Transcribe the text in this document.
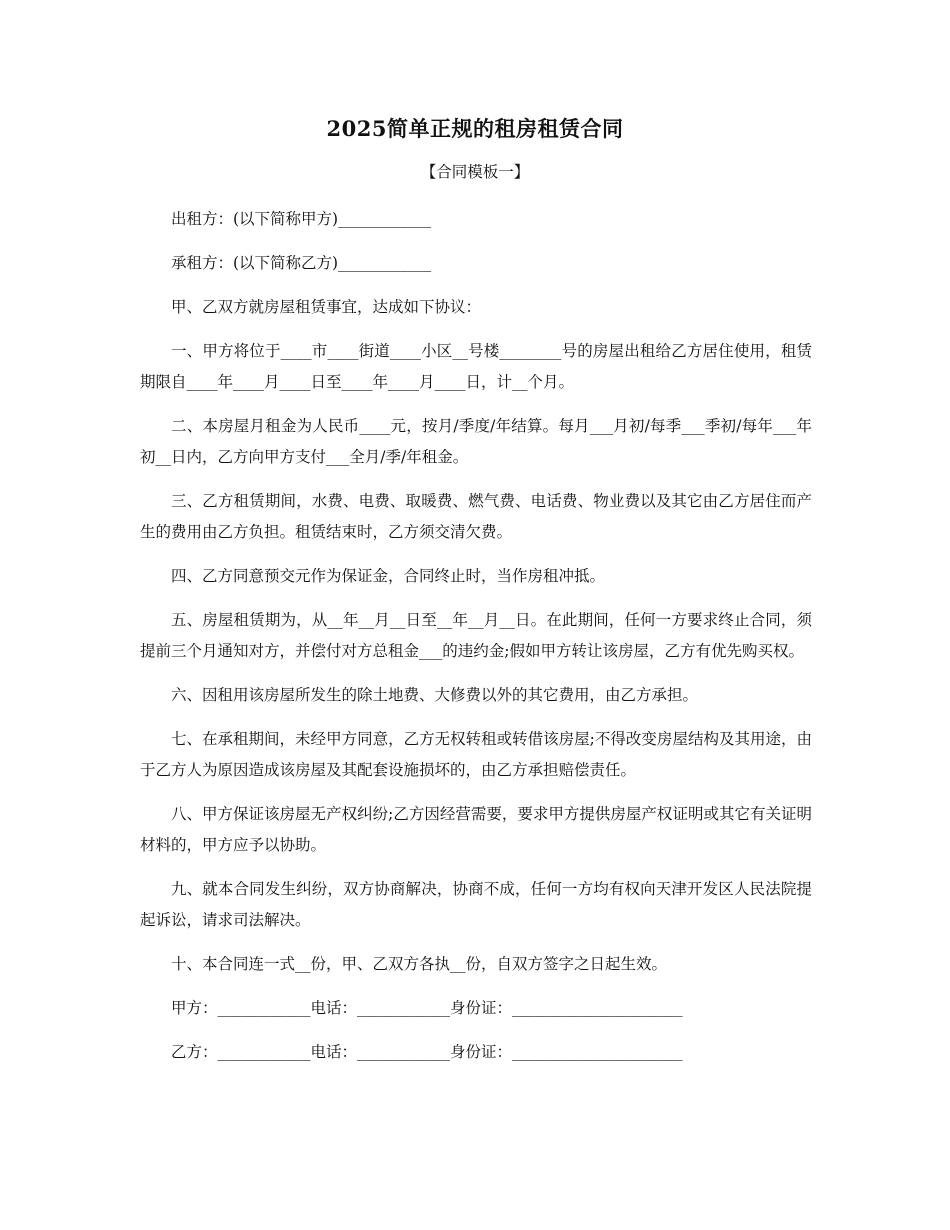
2025简单正规的租房租赁合同
【合同模板一】

出租方：(以下简称甲方)____________

承租方：(以下简称乙方)____________

甲、乙双方就房屋租赁事宜，达成如下协议：

一、甲方将位于____市____街道____小区__号楼________号的房屋出租给乙方居住使用，租赁期限自____年____月____日至____年____月____日，计__个月。

二、本房屋月租金为人民币____元，按月/季度/年结算。每月___月初/每季___季初/每年___年初__日内，乙方向甲方支付___全月/季/年租金。

三、乙方租赁期间，水费、电费、取暖费、燃气费、电话费、物业费以及其它由乙方居住而产生的费用由乙方负担。租赁结束时，乙方须交清欠费。

四、乙方同意预交元作为保证金，合同终止时，当作房租冲抵。

五、房屋租赁期为，从__年__月__日至__年__月__日。在此期间，任何一方要求终止合同，须提前三个月通知对方，并偿付对方总租金___的违约金;假如甲方转让该房屋，乙方有优先购买权。

六、因租用该房屋所发生的除土地费、大修费以外的其它费用，由乙方承担。

七、在承租期间，未经甲方同意，乙方无权转租或转借该房屋;不得改变房屋结构及其用途，由于乙方人为原因造成该房屋及其配套设施损坏的，由乙方承担赔偿责任。

八、甲方保证该房屋无产权纠纷;乙方因经营需要，要求甲方提供房屋产权证明或其它有关证明材料的，甲方应予以协助。

九、就本合同发生纠纷，双方协商解决，协商不成，任何一方均有权向天津开发区人民法院提起诉讼，请求司法解决。

十、本合同连一式__份，甲、乙双方各执__份，自双方签字之日起生效。

甲方：____________电话：____________身份证：______________________

乙方：____________电话：____________身份证：______________________
